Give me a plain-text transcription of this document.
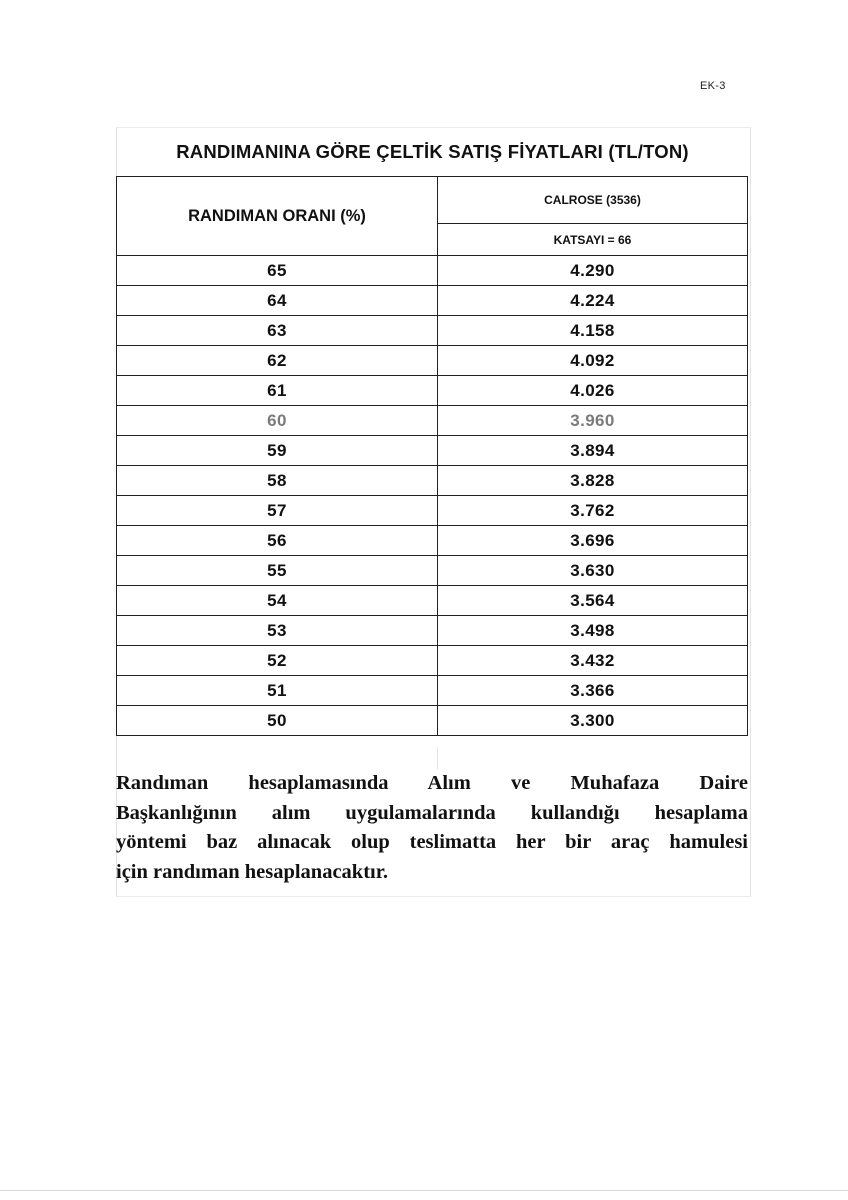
EK-3
RANDIMANINA GÖRE ÇELTİK SATIŞ FİYATLARI (TL/TON)
RANDIMAN ORANI (%)	CALROSE (3536)
	KATSAYI = 66
65	4.290
64	4.224
63	4.158
62	4.092
61	4.026
60	3.960
59	3.894
58	3.828
57	3.762
56	3.696
55	3.630
54	3.564
53	3.498
52	3.432
51	3.366
50	3.300
Randıman hesaplamasında Alım ve Muhafaza Daire
Başkanlığının alım uygulamalarında kullandığı hesaplama
yöntemi baz alınacak olup teslimatta her bir araç hamulesi
için randıman hesaplanacaktır.
